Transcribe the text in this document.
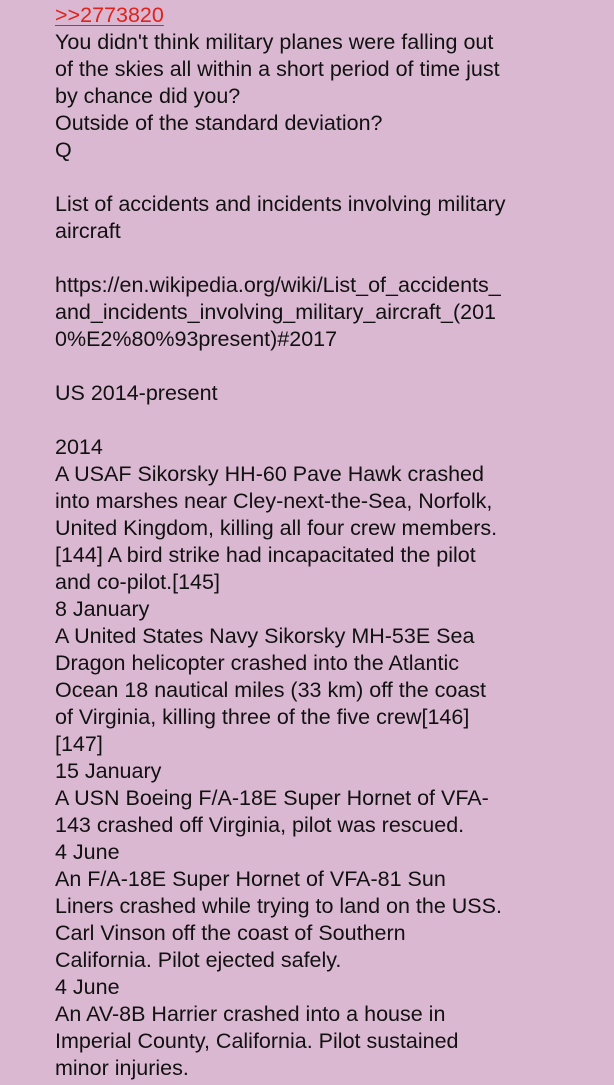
>>2773820
You didn't think military planes were falling out
of the skies all within a short period of time just
by chance did you?
Outside of the standard deviation?
Q
List of accidents and incidents involving military
aircraft
https://en.wikipedia.org/wiki/List_of_accidents_
and_incidents_involving_military_aircraft_(201
0%E2%80%93present)#2017
US 2014-present
2014
A USAF Sikorsky HH-60 Pave Hawk crashed
into marshes near Cley-next-the-Sea, Norfolk,
United Kingdom, killing all four crew members.
[144] A bird strike had incapacitated the pilot
and co-pilot.[145]
8 January
A United States Navy Sikorsky MH-53E Sea
Dragon helicopter crashed into the Atlantic
Ocean 18 nautical miles (33 km) off the coast
of Virginia, killing three of the five crew[146]
[147]
15 January
A USN Boeing F/A-18E Super Hornet of VFA-
143 crashed off Virginia, pilot was rescued.
4 June
An F/A-18E Super Hornet of VFA-81 Sun
Liners crashed while trying to land on the USS.
Carl Vinson off the coast of Southern
California. Pilot ejected safely.
4 June
An AV-8B Harrier crashed into a house in
Imperial County, California. Pilot sustained
minor injuries.
